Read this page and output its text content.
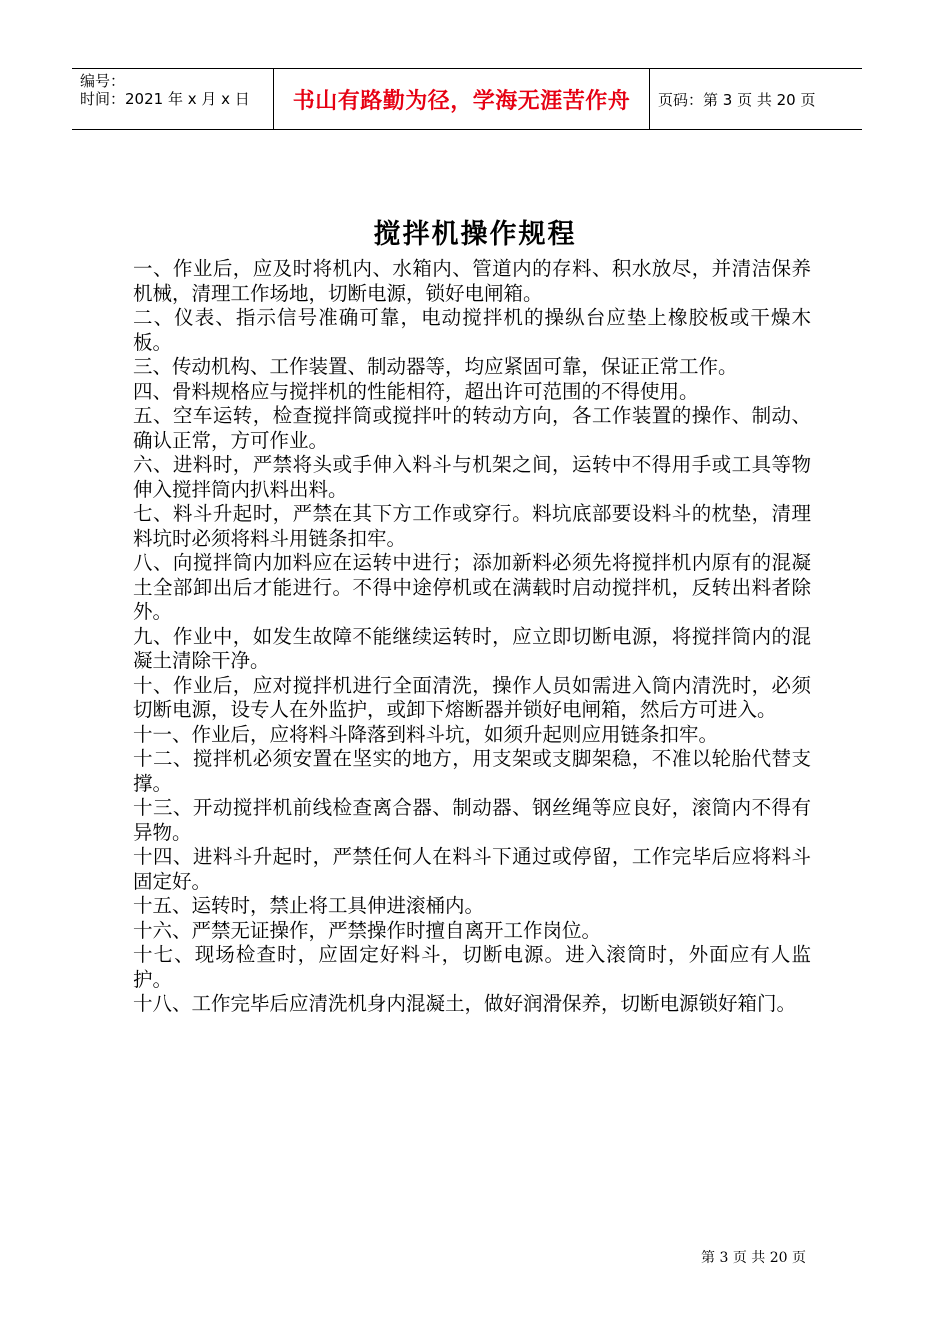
编号：
时间：2021 年 x 月 x 日 书山有路勤为径，学海无涯苦作舟	页码：第 3 页 共 20 页
搅拌机操作规程

一、作业后，应及时将机内、水箱内、管道内的存料、积水放尽，并清洁保养机械，清理工作场地，切断电源，锁好电闸箱。

二、仪表、指示信号准确可靠，电动搅拌机的操纵台应垫上橡胶板或干燥木板。

三、传动机构、工作装置、制动器等，均应紧固可靠，保证正常工作。

四、骨料规格应与搅拌机的性能相符，超出许可范围的不得使用。

五、空车运转，检查搅拌筒或搅拌叶的转动方向，各工作装置的操作、制动、确认正常，方可作业。

六、进料时，严禁将头或手伸入料斗与机架之间，运转中不得用手或工具等物伸入搅拌筒内扒料出料。

七、料斗升起时，严禁在其下方工作或穿行。料坑底部要设料斗的枕垫，清理料坑时必须将料斗用链条扣牢。

八、向搅拌筒内加料应在运转中进行；添加新料必须先将搅拌机内原有的混凝土全部卸出后才能进行。不得中途停机或在满载时启动搅拌机，反转出料者除外。

九、作业中，如发生故障不能继续运转时，应立即切断电源，将搅拌筒内的混凝土清除干净。

十、作业后，应对搅拌机进行全面清洗，操作人员如需进入筒内清洗时，必须切断电源，设专人在外监护，或卸下熔断器并锁好电闸箱，然后方可进入。

十一、作业后，应将料斗降落到料斗坑，如须升起则应用链条扣牢。

十二、搅拌机必须安置在坚实的地方，用支架或支脚架稳，不准以轮胎代替支撑。

十三、开动搅拌机前线检查离合器、制动器、钢丝绳等应良好，滚筒内不得有异物。

十四、进料斗升起时，严禁任何人在料斗下通过或停留，工作完毕后应将料斗固定好。

十五、运转时，禁止将工具伸进滚桶内。

十六、严禁无证操作，严禁操作时擅自离开工作岗位。

十七、现场检查时，应固定好料斗，切断电源。进入滚筒时，外面应有人监护。

十八、工作完毕后应清洗机身内混凝土，做好润滑保养，切断电源锁好箱门。

第 3 页 共 20 页
